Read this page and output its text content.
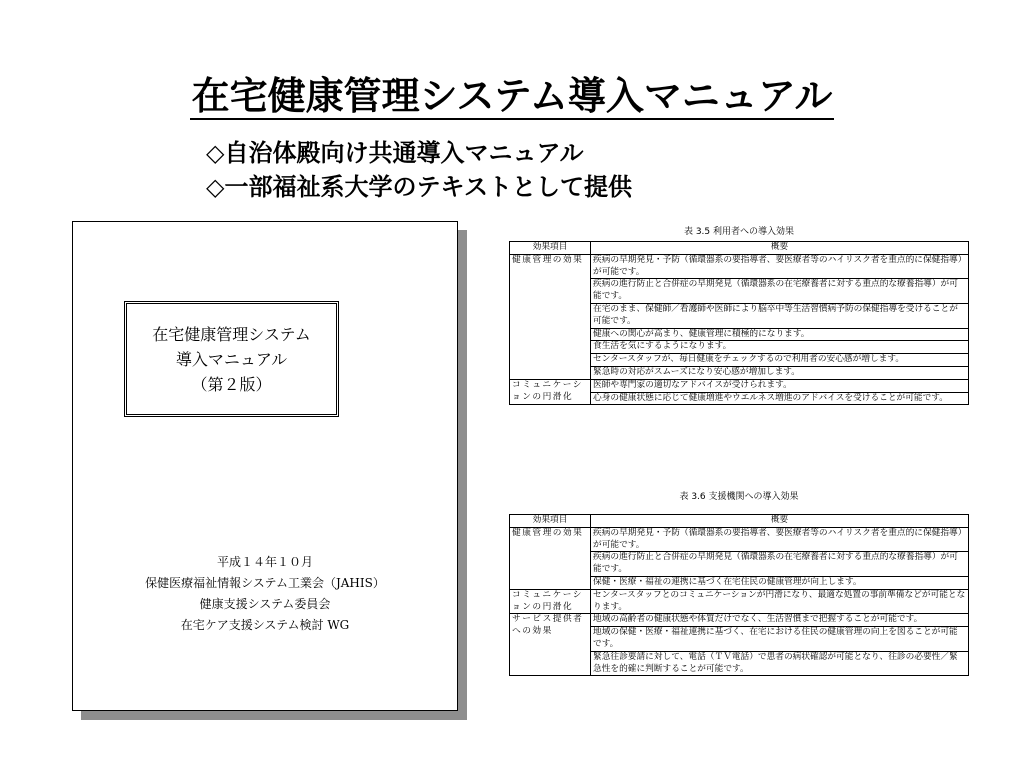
在宅健康管理システム導入マニュアル
◇自治体殿向け共通導入マニュアル
◇一部福祉系大学のテキストとして提供
在宅健康管理システム
導入マニュアル
（第２版）
平成１４年１０月
保健医療福祉情報システム工業会（JAHIS）
健康支援システム委員会
在宅ケア支援システム検討 WG
表 3.5 利用者への導入効果
効果項目	概要
健康管理の効果	疾病の早期発見・予防（循環器系の要指導者、要医療者等のハイリスク者を重点的に保健指導）が可能です。
	疾病の進行防止と合併症の早期発見（循環器系の在宅療養者に対する重点的な療養指導）が可能です。
	在宅のまま、保健師／看護師や医師により脳卒中等生活習慣病予防の保健指導を受けることが可能です。
	健康への関心が高まり、健康管理に積極的になります。
	食生活を気にするようになります。
	センタースタッフが、毎日健康をチェックするので利用者の安心感が増します。
	緊急時の対応がスムーズになり安心感が増加します。
コミュニケーションの円滑化	医師や専門家の適切なアドバイスが受けられます。
	心身の健康状態に応じて健康増進やウエルネス増進のアドバイスを受けることが可能です。
表 3.6 支援機関への導入効果
効果項目	概要
健康管理の効果	疾病の早期発見・予防（循環器系の要指導者、要医療者等のハイリスク者を重点的に保健指導）が可能です。
	疾病の進行防止と合併症の早期発見（循環器系の在宅療養者に対する重点的な療養指導）が可能です。
	保健・医療・福祉の連携に基づく在宅住民の健康管理が向上します。
コミュニケーションの円滑化	センタースタッフとのコミュニケーションが円滑になり、最適な処置の事前準備などが可能となります。
サービス提供者への効果	地域の高齢者の健康状態や体質だけでなく、生活習慣まで把握することが可能です。
	地域の保健・医療・福祉連携に基づく、在宅における住民の健康管理の向上を図ることが可能です。
	緊急往診要請に対して、電話（ＴＶ電話）で患者の病状確認が可能となり、往診の必要性／緊急性を的確に判断することが可能です。
